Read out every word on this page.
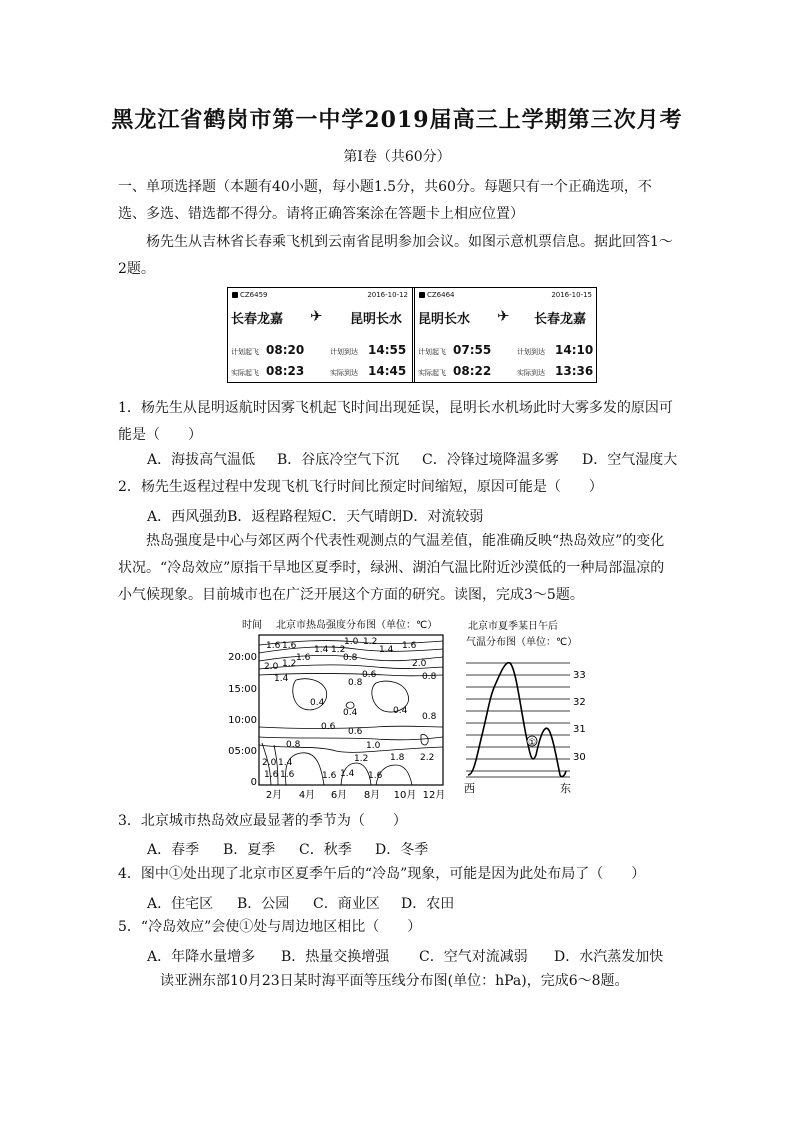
黑龙江省鹤岗市第一中学2019届高三上学期第三次月考
第Ⅰ卷（共60分）

一、单项选择题（本题有40小题，每小题1.5分，共60分。每题只有一个正确选项，不选、多选、错选都不得分。请将正确答案涂在答题卡上相应位置）

杨先生从吉林省长春乘飞机到云南省昆明参加会议。如图示意机票信息。据此回答1～2题。

CZ6459	2016-10-12
长春龙嘉 ✈ 昆明长水
计划起飞 08:20	计划到达 14:55
实际起飞 08:23	实际到达 14:45
CZ6464	2016-10-15
昆明长水 ✈ 长春龙嘉
计划起飞 07:55	计划到达 14:10
实际起飞 08:22	实际到达 13:36

1．杨先生从昆明返航时因雾飞机起飞时间出现延误，昆明长水机场此时大雾多发的原因可能是（　　）

A．海拔高气温低 B．谷底冷空气下沉 C．冷锋过境降温多雾 D．空气湿度大

2．杨先生返程过程中发现飞机飞行时间比预定时间缩短，原因可能是（　　）

A．西风强劲B．返程路程短C．天气晴朗D．对流较弱

热岛强度是中心与郊区两个代表性观测点的气温差值，能准确反映“热岛效应”的变化状况。“冷岛效应”原指干旱地区夏季时，绿洲、湖泊气温比附近沙漠低的一种局部温凉的小气候现象。目前城市也在广泛开展这个方面的研究。读图，完成3～5题。

时间 北京市热岛强度分布图（单位：℃）
1.6 1.6 1.4 1.2
1.0
0.8
1.2
1.4 1.6
2.0
1.6
1.2
0.6
0.8
2.0
1.4	0.8
0.4
0.4	0.4
0.8
0.6
0.6
0.8
2.0
1.6
1.4
1.6	1.6 1.4
1.2 1.8
1.6
2.2
1.0
20:00
15:00
10:00
05:00
0
2月 4月 6月 8月 10月 12月
北京市夏季某日午后
气温分布图（单位：℃）
①
33
32
31
30
西	东

3．北京城市热岛效应最显著的季节为（　　）

A．春季 B．夏季 C．秋季 D．冬季

4．图中①处出现了北京市区夏季午后的“冷岛”现象，可能是因为此处布局了（　　）

A．住宅区 B．公园 C．商业区 D．农田

5．“冷岛效应”会使①处与周边地区相比（　　）

A．年降水量增多 B．热量交换增强 C．空气对流减弱 D．水汽蒸发加快

读亚洲东部10月23日某时海平面等压线分布图(单位：hPa)，完成6～8题。
